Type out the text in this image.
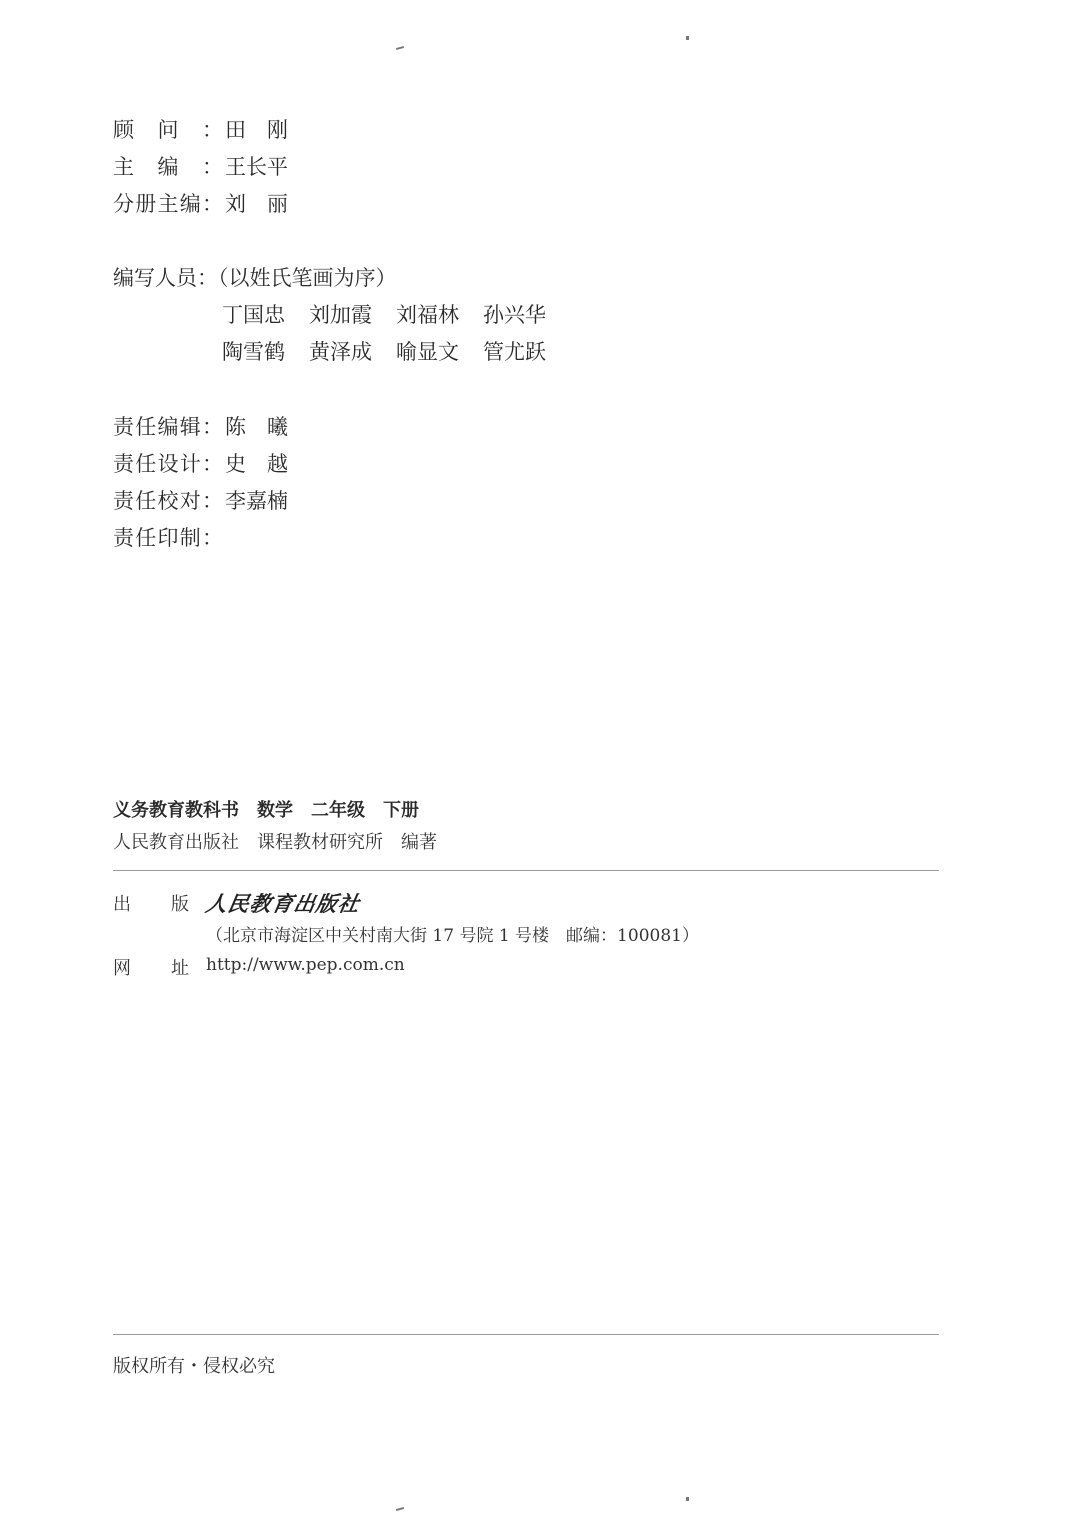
顾问：田　刚
主编：王长平
分册主编：刘　丽
编写人员：（以姓氏笔画为序）
丁国忠 刘加霞 刘福林 孙兴华
陶雪鹤 黄泽成 喻显文 管尤跃
责任编辑：陈　曦
责任设计：史　越
责任校对：李嘉楠
责任印制：
义务教育教科书 数学 二年级 下册
人民教育出版社 课程教材研究所 编著
出版 人民教育出版社
（北京市海淀区中关村南大街 17 号院 1 号楼　邮编：100081）
网址 http://www.pep.com.cn
版权所有・侵权必究
